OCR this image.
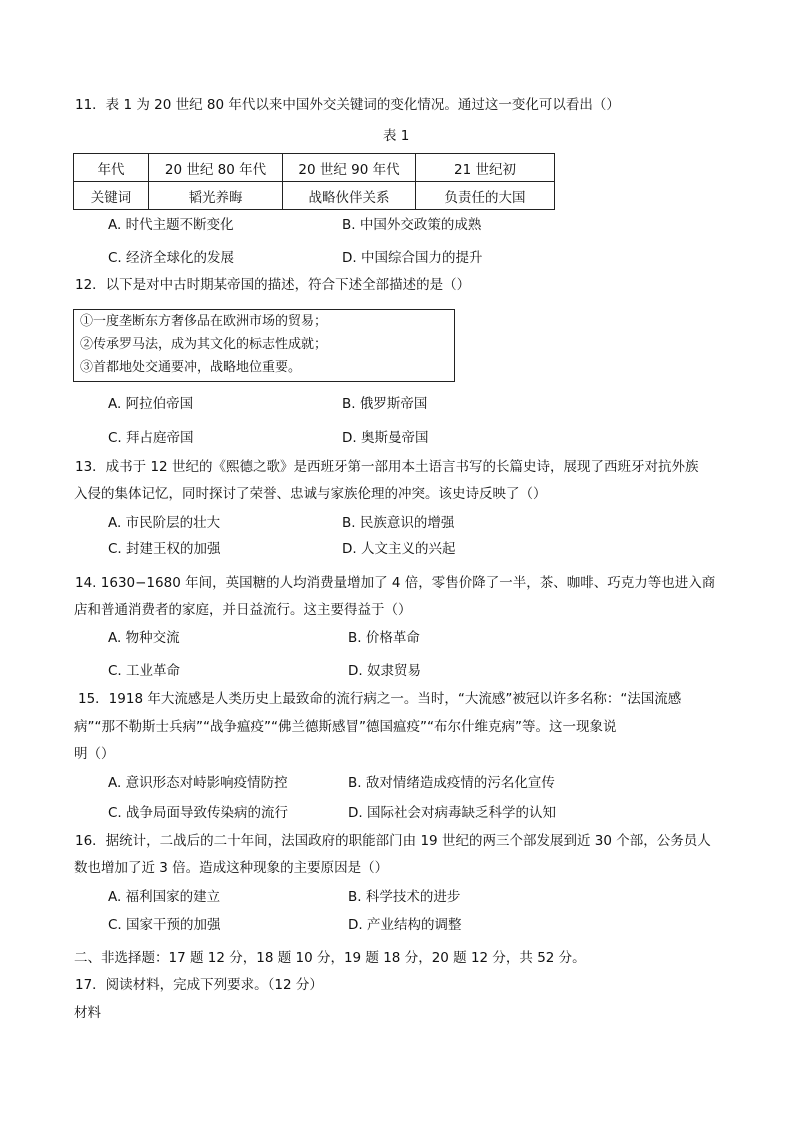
11．表 1 为 20 世纪 80 年代以来中国外交关键词的变化情况。通过这一变化可以看出（）
表 1
年代	20 世纪 80 年代	20 世纪 90 年代	21 世纪初
关键词	韬光养晦	战略伙伴关系	负责任的大国
A. 时代主题不断变化	B. 中国外交政策的成熟
C. 经济全球化的发展	D. 中国综合国力的提升
12．以下是对中古时期某帝国的描述，符合下述全部描述的是（）
①一度垄断东方奢侈品在欧洲市场的贸易；
②传承罗马法，成为其文化的标志性成就；
③首都地处交通要冲，战略地位重要。
A. 阿拉伯帝国	B. 俄罗斯帝国
C. 拜占庭帝国	D. 奥斯曼帝国
13．成书于 12 世纪的《熙德之歌》是西班牙第一部用本土语言书写的长篇史诗，展现了西班牙对抗外族
入侵的集体记忆，同时探讨了荣誉、忠诚与家族伦理的冲突。该史诗反映了（）
A. 市民阶层的壮大	B. 民族意识的增强
C. 封建王权的加强	D. 人文主义的兴起
14. 1630−1680 年间，英国糖的人均消费量增加了 4 倍，零售价降了一半，茶、咖啡、巧克力等也进入商
店和普通消费者的家庭，并日益流行。这主要得益于（）
A. 物种交流	B. 价格革命
C. 工业革命	D. 奴隶贸易
15．1918 年大流感是人类历史上最致命的流行病之一。当时，“大流感”被冠以许多名称：“法国流感
病”“那不勒斯士兵病”“战争瘟疫”“佛兰德斯感冒”德国瘟疫”“布尔什维克病”等。这一现象说
明（）
A. 意识形态对峙影响疫情防控	B. 敌对情绪造成疫情的污名化宣传
C. 战争局面导致传染病的流行	D. 国际社会对病毒缺乏科学的认知
16．据统计，二战后的二十年间，法国政府的职能部门由 19 世纪的两三个部发展到近 30 个部，公务员人
数也增加了近 3 倍。造成这种现象的主要原因是（）
A. 福利国家的建立	B. 科学技术的进步
C. 国家干预的加强	D. 产业结构的调整
二、非选择题：17 题 12 分，18 题 10 分，19 题 18 分，20 题 12 分，共 52 分。
17．阅读材料，完成下列要求。（12 分）
材料
